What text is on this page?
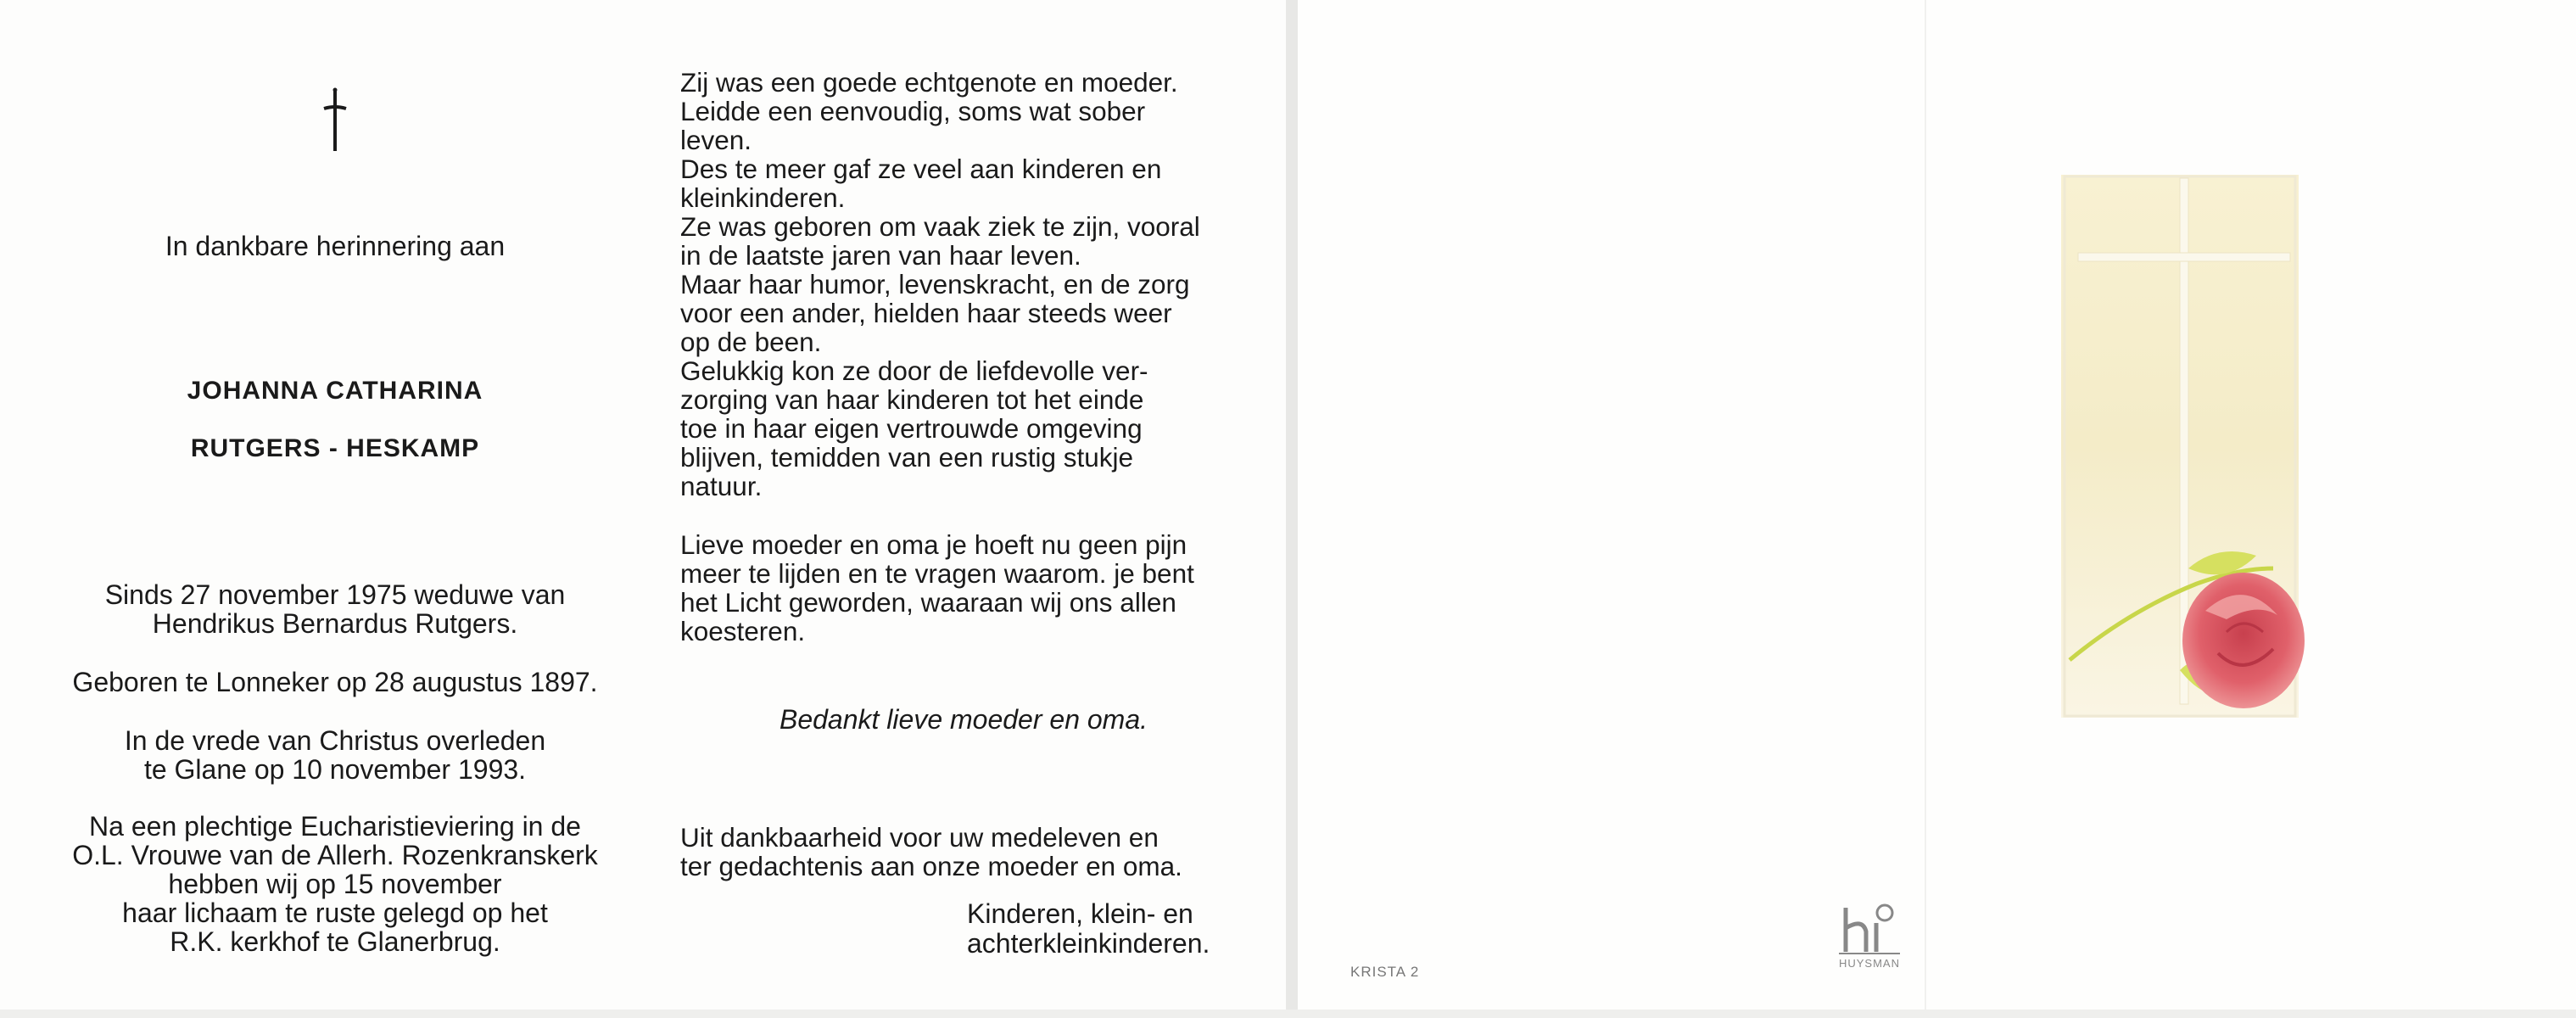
In dankbare herinnering aan

JOHANNA CATHARINA

RUTGERS - HESKAMP

Sinds 27 november 1975 weduwe van
Hendrikus Bernardus Rutgers.

Geboren te Lonneker op 28 augustus 1897.

In de vrede van Christus overleden
te Glane op 10 november 1993.
Na een plechtige Eucharistieviering in de
O.L. Vrouwe van de Allerh. Rozenkranskerk
hebben wij op 15 november
haar lichaam te ruste gelegd op het
R.K. kerkhof te Glanerbrug.
Zij was een goede echtgenote en moeder.
Leidde een eenvoudig, soms wat sober
leven.
Des te meer gaf ze veel aan kinderen en
kleinkinderen.
Ze was geboren om vaak ziek te zijn, vooral
in de laatste jaren van haar leven.
Maar haar humor, levenskracht, en de zorg
voor een ander, hielden haar steeds weer
op de been.
Gelukkig kon ze door de liefdevolle ver-
zorging van haar kinderen tot het einde
toe in haar eigen vertrouwde omgeving
blijven, temidden van een rustig stukje
natuur.
Lieve moeder en oma je hoeft nu geen pijn
meer te lijden en te vragen waarom. je bent
het Licht geworden, waaraan wij ons allen
koesteren.

Bedankt lieve moeder en oma.

Uit dankbaarheid voor uw medeleven en
ter gedachtenis aan onze moeder en oma.
Kinderen, klein- en
achterkleinkinderen.

KRISTA 2

HUYSMAN
